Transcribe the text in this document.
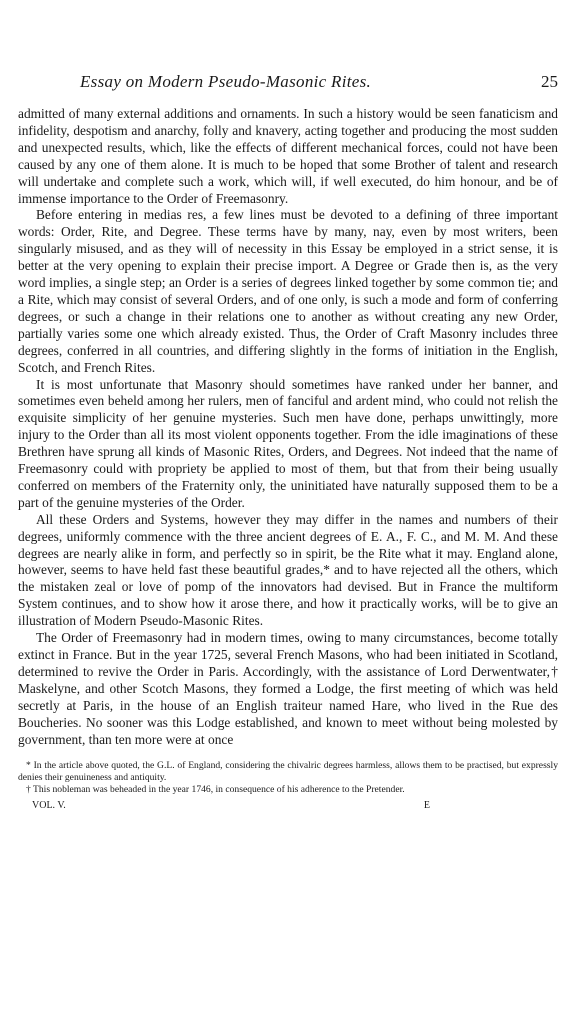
Essay on Modern Pseudo-Masonic Rites.	25

admitted of many external additions and ornaments. In such a history would be seen fanaticism and infidelity, despotism and anarchy, folly and knavery, acting together and producing the most sudden and unexpected results, which, like the effects of different mechanical forces, could not have been caused by any one of them alone. It is much to be hoped that some Brother of talent and research will undertake and complete such a work, which will, if well executed, do him honour, and be of immense importance to the Order of Freemasonry.

Before entering in medias res, a few lines must be devoted to a defining of three important words: Order, Rite, and Degree. These terms have by many, nay, even by most writers, been singularly misused, and as they will of necessity in this Essay be employed in a strict sense, it is better at the very opening to explain their precise import. A Degree or Grade then is, as the very word implies, a single step; an Order is a series of degrees linked together by some common tie; and a Rite, which may consist of several Orders, and of one only, is such a mode and form of conferring degrees, or such a change in their relations one to another as without creating any new Order, partially varies some one which already existed. Thus, the Order of Craft Masonry includes three degrees, conferred in all countries, and differing slightly in the forms of initiation in the English, Scotch, and French Rites.

It is most unfortunate that Masonry should sometimes have ranked under her banner, and sometimes even beheld among her rulers, men of fanciful and ardent mind, who could not relish the exquisite simplicity of her genuine mysteries. Such men have done, perhaps unwittingly, more injury to the Order than all its most violent opponents together. From the idle imaginations of these Brethren have sprung all kinds of Masonic Rites, Orders, and Degrees. Not indeed that the name of Freemasonry could with propriety be applied to most of them, but that from their being usually conferred on members of the Fraternity only, the uninitiated have naturally supposed them to be a part of the genuine mysteries of the Order.

All these Orders and Systems, however they may differ in the names and numbers of their degrees, uniformly commence with the three ancient degrees of E. A., F. C., and M. M. And these degrees are nearly alike in form, and perfectly so in spirit, be the Rite what it may. England alone, however, seems to have held fast these beautiful grades,* and to have rejected all the others, which the mistaken zeal or love of pomp of the innovators had devised. But in France the multiform System continues, and to show how it arose there, and how it practically works, will be to give an illustration of Modern Pseudo-Masonic Rites.

The Order of Freemasonry had in modern times, owing to many circumstances, become totally extinct in France. But in the year 1725, several French Masons, who had been initiated in Scotland, determined to revive the Order in Paris. Accordingly, with the assistance of Lord Derwentwater,† Maskelyne, and other Scotch Masons, they formed a Lodge, the first meeting of which was held secretly at Paris, in the house of an English traiteur named Hare, who lived in the Rue des Boucheries. No sooner was this Lodge established, and known to meet without being molested by government, than ten more were at once

* In the article above quoted, the G.L. of England, considering the chivalric degrees harmless, allows them to be practised, but expressly denies their genuineness and antiquity.

† This nobleman was beheaded in the year 1746, in consequence of his adherence to the Pretender.

VOL. V.	E
